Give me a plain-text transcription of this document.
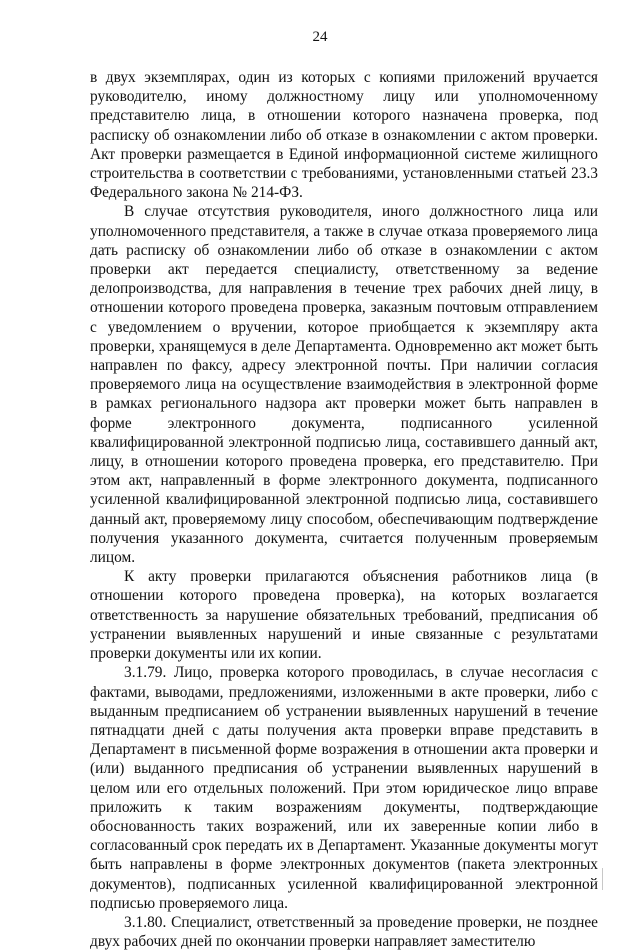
24

в двух экземплярах, один из которых с копиями приложений вручается руководителю, иному должностному лицу или уполномоченному представителю лица, в отношении которого назначена проверка, под расписку об ознакомлении либо об отказе в ознакомлении с актом проверки. Акт проверки размещается в Единой информационной системе жилищного строительства в соответствии с требованиями, установленными статьей 23.3 Федерального закона № 214-ФЗ.

В случае отсутствия руководителя, иного должностного лица или уполномоченного представителя, а также в случае отказа проверяемого лица дать расписку об ознакомлении либо об отказе в ознакомлении с актом проверки акт передается специалисту, ответственному за ведение делопроизводства, для направления в течение трех рабочих дней лицу, в отношении которого проведена проверка, заказным почтовым отправлением с уведомлением о вручении, которое приобщается к экземпляру акта проверки, хранящемуся в деле Департамента. Одновременно акт может быть направлен по факсу, адресу электронной почты. При наличии согласия проверяемого лица на осуществление взаимодействия в электронной форме в рамках регионального надзора акт проверки может быть направлен в форме электронного документа, подписанного усиленной квалифицированной электронной подписью лица, составившего данный акт, лицу, в отношении которого проведена проверка, его представителю. При этом акт, направленный в форме электронного документа, подписанного усиленной квалифицированной электронной подписью лица, составившего данный акт, проверяемому лицу способом, обеспечивающим подтверждение получения указанного документа, считается полученным проверяемым лицом.

К акту проверки прилагаются объяснения работников лица (в отношении которого проведена проверка), на которых возлагается ответственность за нарушение обязательных требований, предписания об устранении выявленных нарушений и иные связанные с результатами проверки документы или их копии.

3.1.79. Лицо, проверка которого проводилась, в случае несогласия с фактами, выводами, предложениями, изложенными в акте проверки, либо с выданным предписанием об устранении выявленных нарушений в течение пятнадцати дней с даты получения акта проверки вправе представить в Департамент в письменной форме возражения в отношении акта проверки и (или) выданного предписания об устранении выявленных нарушений в целом или его отдельных положений. При этом юридическое лицо вправе приложить к таким возражениям документы, подтверждающие обоснованность таких возражений, или их заверенные копии либо в согласованный срок передать их в Департамент. Указанные документы могут быть направлены в форме электронных документов (пакета электронных документов), подписанных усиленной квалифицированной электронной подписью проверяемого лица.

3.1.80. Специалист, ответственный за проведение проверки, не позднее двух рабочих дней по окончании проверки направляет заместителю
